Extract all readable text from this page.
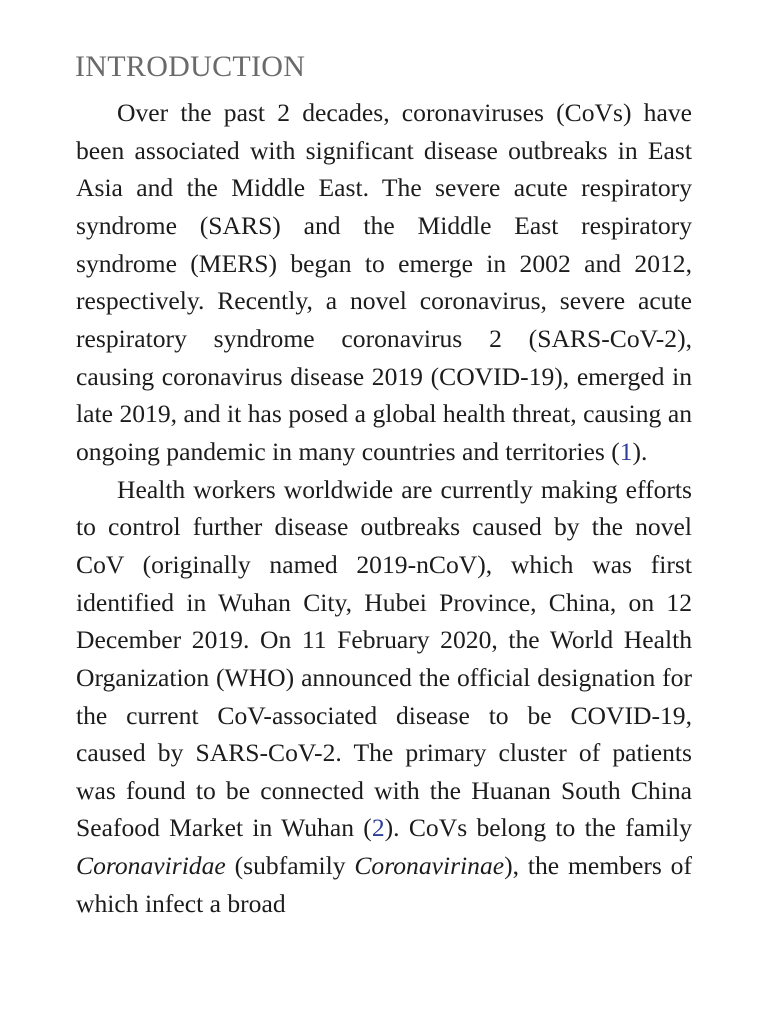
INTRODUCTION

Over the past 2 decades, coronaviruses (CoVs) have been associated with significant disease outbreaks in East Asia and the Middle East. The severe acute respiratory syndrome (SARS) and the Middle East respiratory syndrome (MERS) began to emerge in 2002 and 2012, respectively. Recently, a novel coronavirus, severe acute respiratory syndrome coronavirus 2 (SARS-CoV-2), causing coronavirus disease 2019 (COVID-19), emerged in late 2019, and it has posed a global health threat, causing an ongoing pandemic in many countries and territories (1).

Health workers worldwide are currently making efforts to control further disease outbreaks caused by the novel CoV (originally named 2019-nCoV), which was first identified in Wuhan City, Hubei Province, China, on 12 December 2019. On 11 February 2020, the World Health Organization (WHO) announced the official designation for the current CoV-associated disease to be COVID-19, caused by SARS-CoV-2. The primary cluster of patients was found to be connected with the Huanan South China Seafood Market in Wuhan (2). CoVs belong to the family Coronaviridae (subfamily Coronavirinae), the members of which infect a broad
